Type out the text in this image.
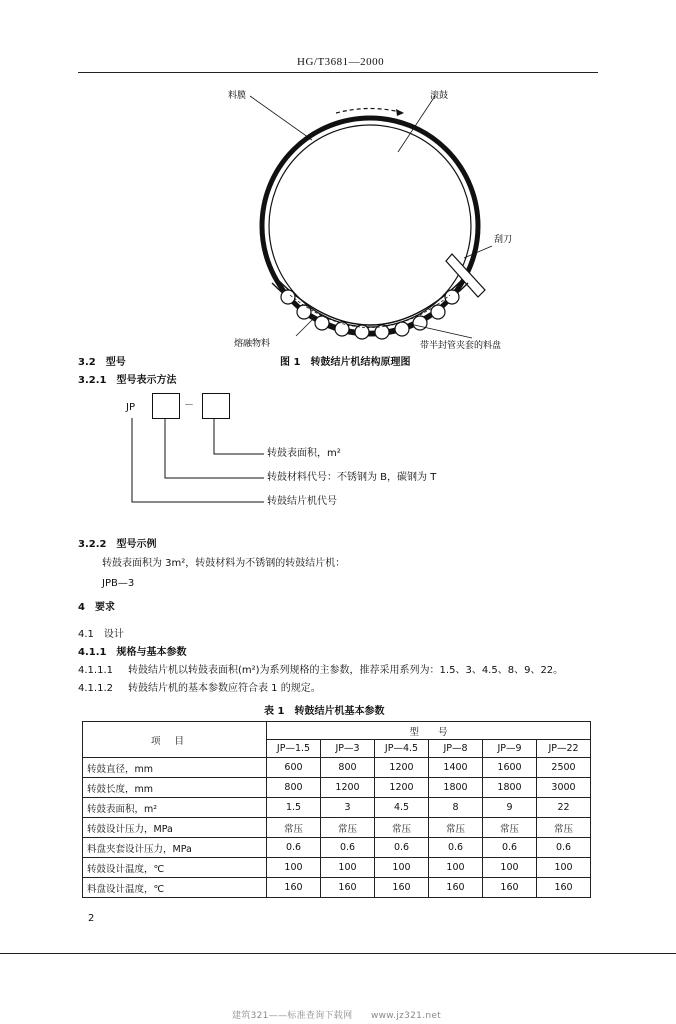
HG/T3681—2000
料膜	滚鼓
刮刀
熔融物料	带半封管夹套的料盘
图 1　转鼓结片机结构原理图
3.2　型号
3.2.1　型号表示方法
JP	－
转鼓表面积，m²
转鼓材料代号：不锈钢为 B，碳钢为 T
转鼓结片机代号
3.2.2　型号示例
转鼓表面积为 3m²，转鼓材料为不锈钢的转鼓结片机：
JPB—3
4　要求
4.1　设计
4.1.1　规格与基本参数
4.1.1.1 转鼓结片机以转鼓表面积(m²)为系列规格的主参数，推荐采用系列为：1.5、3、4.5、8、9、22。
4.1.1.2 转鼓结片机的基本参数应符合表 1 的规定。
表 1　转鼓结片机基本参数
项目	型　　号					
	JP—1.5	JP—3	JP—4.5	JP—8	JP—9	JP—22
转鼓直径，mm	600	800	1200	1400	1600	2500
转鼓长度，mm	800	1200	1200	1800	1800	3000
转鼓表面积，m²	1.5	3	4.5	8	9	22
转鼓设计压力，MPa	常压	常压	常压	常压	常压	常压
料盘夹套设计压力，MPa	0.6	0.6	0.6	0.6	0.6	0.6
转鼓设计温度，℃	100	100	100	100	100	100
料盘设计温度，℃	160	160	160	160	160	160
2
建筑321——标准查询下载网　　www.jz321.net
